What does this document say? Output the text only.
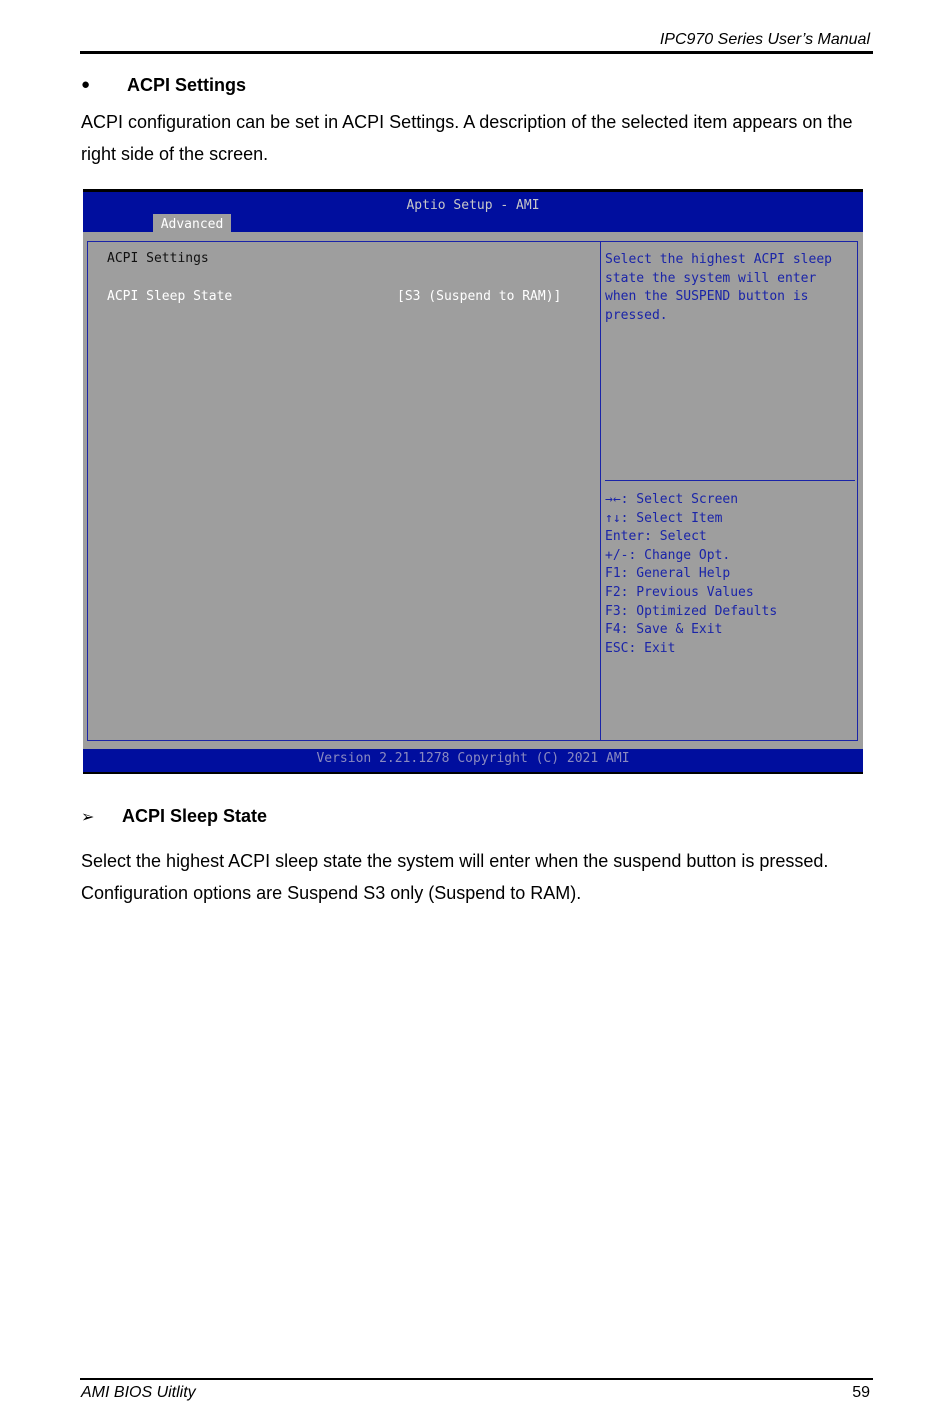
IPC970 Series User’s Manual
● ACPI Settings
ACPI configuration can be set in ACPI Settings. A description of the selected item appears on the right side of the screen.
Aptio Setup - AMI
Advanced
ACPI Settings
ACPI Sleep State	[S3 (Suspend to RAM)]
Select the highest ACPI sleep
state the system will enter
when the SUSPEND button is
pressed.
→←: Select Screen
↑↓: Select Item
Enter: Select
+/-: Change Opt.
F1: General Help
F2: Previous Values
F3: Optimized Defaults
F4: Save & Exit
ESC: Exit
Version 2.21.1278 Copyright (C) 2021 AMI
➢ ACPI Sleep State
Select the highest ACPI sleep state the system will enter when the suspend button is pressed. Configuration options are Suspend S3 only (Suspend to RAM).
AMI BIOS Uitlity	59
